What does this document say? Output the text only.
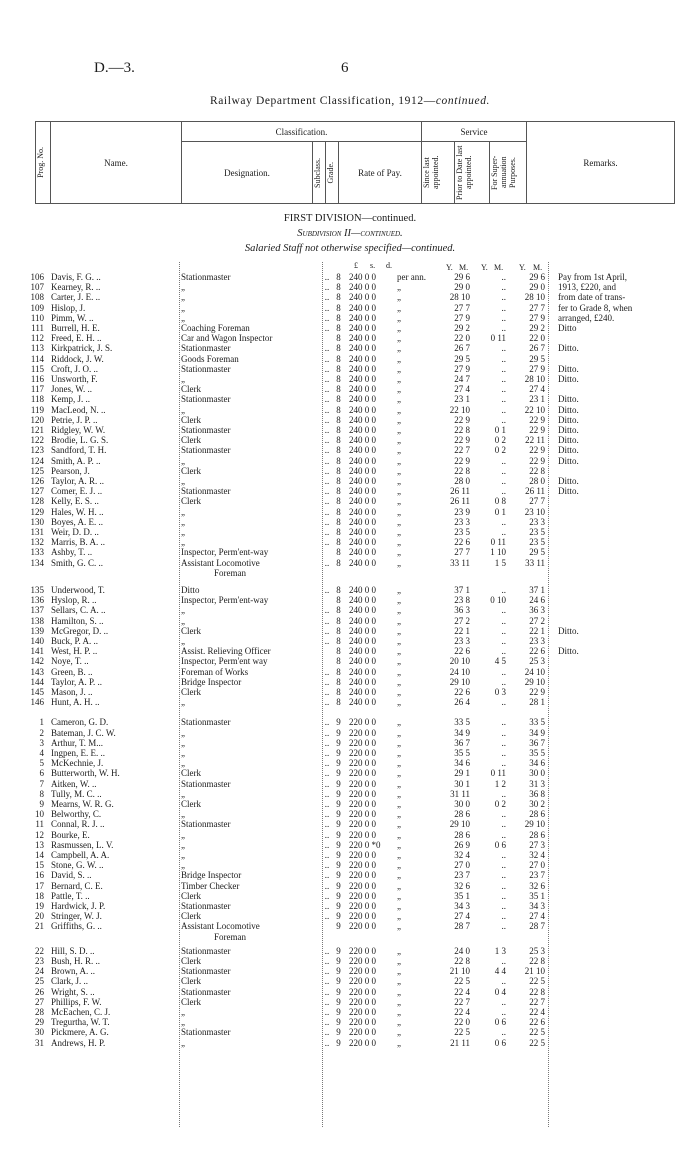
D.—3.	6
Railway Department Classification, 1912—continued.
Prog. No.	Name.	Classification.				Service			Remarks.
		Designation.	Subclass.	Grade.	Rate of Pay.	Since last appointed.	Prior to Date last appointed.	For Super-annuation Purposes.	
FIRST DIVISION—continued.
Subdivision II—continued.
Salaried Staff not otherwise specified—continued.
£ s. d.	Y. M. Y. M. Y. M.
106 Davis, F. G. ..	Stationmaster	.. 8 240 0 0 per ann.	29 6	..	29 6 Pay from 1st April,
107 Kearney, R. ..	„	.. 8 240 0 0 „	29 0	..	29 0 1913, £220, and
108 Carter, J. E. ..	„	.. 8 240 0 0 „	28 10	..	28 10 from date of trans-
109 Hislop, J.	„	.. 8 240 0 0 „	27 7	..	27 7 fer to Grade 8, when
110 Pimm, W. ..	„	.. 8 240 0 0 „	27 9	..	27 9 arranged, £240.
111 Burrell, H. E.	Coaching Foreman	.. 8 240 0 0 „	29 2	..	29 2 Ditto
112 Freed, E. H. ..	Car and Wagon Inspector	8 240 0 0 „	22 0	0 11	22 0
113 Kirkpatrick, J. S.	Stationmaster	.. 8 240 0 0 „	26 7	..	26 7 Ditto.
114 Riddock, J. W.	Goods Foreman	.. 8 240 0 0 „	29 5	..	29 5
115 Croft, J. O. ..	Stationmaster	.. 8 240 0 0 „	27 9	..	27 9 Ditto.
116 Unsworth, F.	„	.. 8 240 0 0 „	24 7	..	28 10 Ditto.
117 Jones, W. ..	Clerk	.. 8 240 0 0 „	27 4	..	27 4
118 Kemp, J. ..	Stationmaster	.. 8 240 0 0 „	23 1	..	23 1 Ditto.
119 MacLeod, N. ..	„	.. 8 240 0 0 „	22 10	..	22 10 Ditto.
120 Petrie, J. P. ..	Clerk	.. 8 240 0 0 „	22 9	..	22 9 Ditto.
121 Ridgley, W. W.	Stationmaster	.. 8 240 0 0 „	22 8	0 1	22 9 Ditto.
122 Brodie, L. G. S.	Clerk	.. 8 240 0 0 „	22 9	0 2	22 11 Ditto.
123 Sandford, T. H.	Stationmaster	.. 8 240 0 0 „	22 7	0 2	22 9 Ditto.
124 Smith, A. P. ..	„	.. 8 240 0 0 „	22 9	..	22 9 Ditto.
125 Pearson, J.	Clerk	.. 8 240 0 0 „	22 8	..	22 8
126 Taylor, A. R. ..	„	.. 8 240 0 0 „	28 0	..	28 0 Ditto.
127 Comer, E. J. ..	Stationmaster	.. 8 240 0 0 „	26 11	..	26 11 Ditto.
128 Kelly, E. S. ..	Clerk	.. 8 240 0 0 „	26 11	0 8	27 7
129 Hales, W. H. ..	„	.. 8 240 0 0 „	23 9	0 1	23 10
130 Boyes, A. E. ..	„	.. 8 240 0 0 „	23 3	..	23 3
131 Weir, D. D. ..	„	.. 8 240 0 0 „	23 5	..	23 5
132 Marris, B. A. ..	„	.. 8 240 0 0 „	22 6	0 11	23 5
133 Ashby, T. ..	Inspector, Perm'ent-way	8 240 0 0 „	27 7	1 10	29 5
134 Smith, G. C. ..	Assistant Locomotive	.. 8 240 0 0 „	33 11	1 5	33 11
Foreman
135 Underwood, T.	Ditto	.. 8 240 0 0 „	37 1	..	37 1
136 Hyslop, R. ..	Inspector, Perm'ent-way	8 240 0 0 „	23 8	0 10	24 6
137 Sellars, C. A. ..	„	.. 8 240 0 0 „	36 3	..	36 3
138 Hamilton, S. ..	„	.. 8 240 0 0 „	27 2	..	27 2
139 McGregor, D. ..	Clerk	.. 8 240 0 0 „	22 1	..	22 1 Ditto.
140 Buck, P. A. ..	„	.. 8 240 0 0 „	23 3	..	23 3
141 West, H. P. ..	Assist. Relieving Officer	8 240 0 0 „	22 6	..	22 6 Ditto.
142 Noye, T. ..	Inspector, Perm'ent way	8 240 0 0 „	20 10	4 5	25 3
143 Green, B. ..	Foreman of Works	.. 8 240 0 0 „	24 10	..	24 10
144 Taylor, A. P. ..	Bridge Inspector	.. 8 240 0 0 „	29 10	..	29 10
145 Mason, J. ..	Clerk	.. 8 240 0 0 „	22 6	0 3	22 9
146 Hunt, A. H. ..	„	.. 8 240 0 0 „	26 4	..	28 1
1 Cameron, G. D.	Stationmaster	.. 9 220 0 0 „	33 5	..	33 5
2 Bateman, J. C. W.	„	.. 9 220 0 0 „	34 9	..	34 9
3 Arthur, T. M...	„	.. 9 220 0 0 „	36 7	..	36 7
4 Ingpen, E. E. ..	„	.. 9 220 0 0 „	35 5	..	35 5
5 McKechnie, J.	„	.. 9 220 0 0 „	34 6	..	34 6
6 Butterworth, W. H.	Clerk	.. 9 220 0 0 „	29 1	0 11	30 0
7 Aitken, W. ..	Stationmaster	.. 9 220 0 0 „	30 1	1 2	31 3
8 Tully, M. C. ..	„	.. 9 220 0 0 „	31 11	..	36 8
9 Mearns, W. R. G.	Clerk	.. 9 220 0 0 „	30 0	0 2	30 2
10 Belworthy, C.	„	.. 9 220 0 0 „	28 6	..	28 6
11 Connal, R. J. ..	Stationmaster	.. 9 220 0 0 „	29 10	..	29 10
12 Bourke, E.	„	.. 9 220 0 0 „	28 6	..	28 6
13 Rasmussen, L. V.	„	.. 9 220 0 *0 „	26 9	0 6	27 3
14 Campbell, A. A.	„	.. 9 220 0 0 „	32 4	..	32 4
15 Stone, G. W. ..	„	.. 9 220 0 0 „	27 0	..	27 0
16 David, S. ..	Bridge Inspector	.. 9 220 0 0 „	23 7	..	23 7
17 Bernard, C. E.	Timber Checker	.. 9 220 0 0 „	32 6	..	32 6
18 Pattle, T. ..	Clerk	.. 9 220 0 0 „	35 1	..	35 1
19 Hardwick, J. P.	Stationmaster	.. 9 220 0 0 „	34 3	..	34 3
20 Stringer, W. J.	Clerk	.. 9 220 0 0 „	27 4	..	27 4
21 Griffiths, G. ..	Assistant Locomotive	9 220 0 0 „	28 7	..	28 7
Foreman
22 Hill, S. D. ..	Stationmaster	.. 9 220 0 0 „	24 0	1 3	25 3
23 Bush, H. R. ..	Clerk	.. 9 220 0 0 „	22 8	..	22 8
24 Brown, A. ..	Stationmaster	.. 9 220 0 0 „	21 10	4 4	21 10
25 Clark, J. ..	Clerk	.. 9 220 0 0 „	22 5	..	22 5
26 Wright, S. ..	Stationmaster	.. 9 220 0 0 „	22 4	0 4	22 8
27 Phillips, F. W.	Clerk	.. 9 220 0 0 „	22 7	..	22 7
28 McEachen, C. J.	„	.. 9 220 0 0 „	22 4	..	22 4
29 Tregurtha, W. T.	„	.. 9 220 0 0 „	22 0	0 6	22 6
30 Pickmere, A. G.	Stationmaster	.. 9 220 0 0 „	22 5	..	22 5
31 Andrews, H. P.	„	.. 9 220 0 0 „	21 11	0 6	22 5
